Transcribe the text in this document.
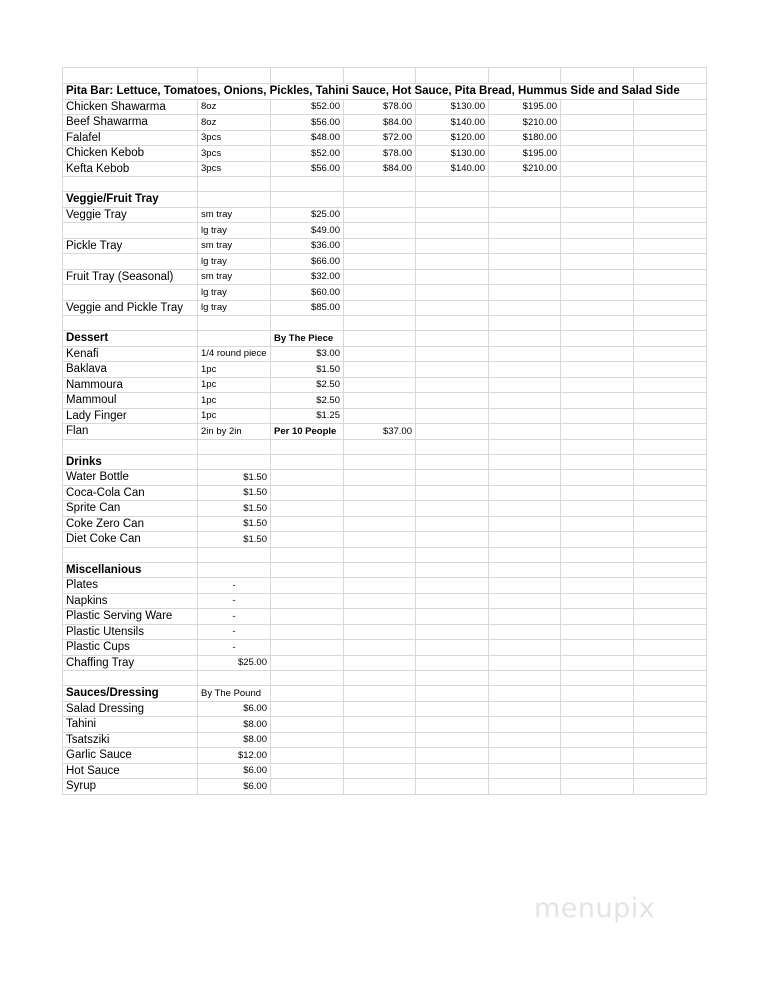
Pita Bar: Lettuce, Tomatoes, Onions, Pickles, Tahini Sauce, Hot Sauce, Pita Bread, Hummus Side and Salad Side							
Chicken Shawarma	8oz	$52.00	$78.00	$130.00	$195.00		
Beef Shawarma	8oz	$56.00	$84.00	$140.00	$210.00		
Falafel	3pcs	$48.00	$72.00	$120.00	$180.00		
Chicken Kebob	3pcs	$52.00	$78.00	$130.00	$195.00		
Kefta Kebob	3pcs	$56.00	$84.00	$140.00	$210.00		

Veggie/Fruit Tray							
Veggie Tray	sm tray	$25.00					
	lg tray	$49.00					
Pickle Tray	sm tray	$36.00					
	lg tray	$66.00					
Fruit Tray (Seasonal)	sm tray	$32.00					
	lg tray	$60.00					
Veggie and Pickle Tray	lg tray	$85.00					

Dessert		By The Piece					
Kenafi	1/4 round piece	$3.00					
Baklava	1pc	$1.50					
Nammoura	1pc	$2.50					
Mammoul	1pc	$2.50					
Lady Finger	1pc	$1.25					
Flan	2in by 2in	Per 10 People	$37.00				

Drinks							
Water Bottle	$1.50						
Coca-Cola Can	$1.50						
Sprite Can	$1.50						
Coke Zero Can	$1.50						
Diet Coke Can	$1.50						

Miscellanious							
Plates	-						
Napkins	-						
Plastic Serving Ware	-						
Plastic Utensils	-						
Plastic Cups	-						
Chaffing Tray	$25.00						

Sauces/Dressing	By The Pound						
Salad Dressing	$6.00						
Tahini	$8.00						
Tsatsziki	$8.00						
Garlic Sauce	$12.00						
Hot Sauce	$6.00						
Syrup	$6.00						
menupix
